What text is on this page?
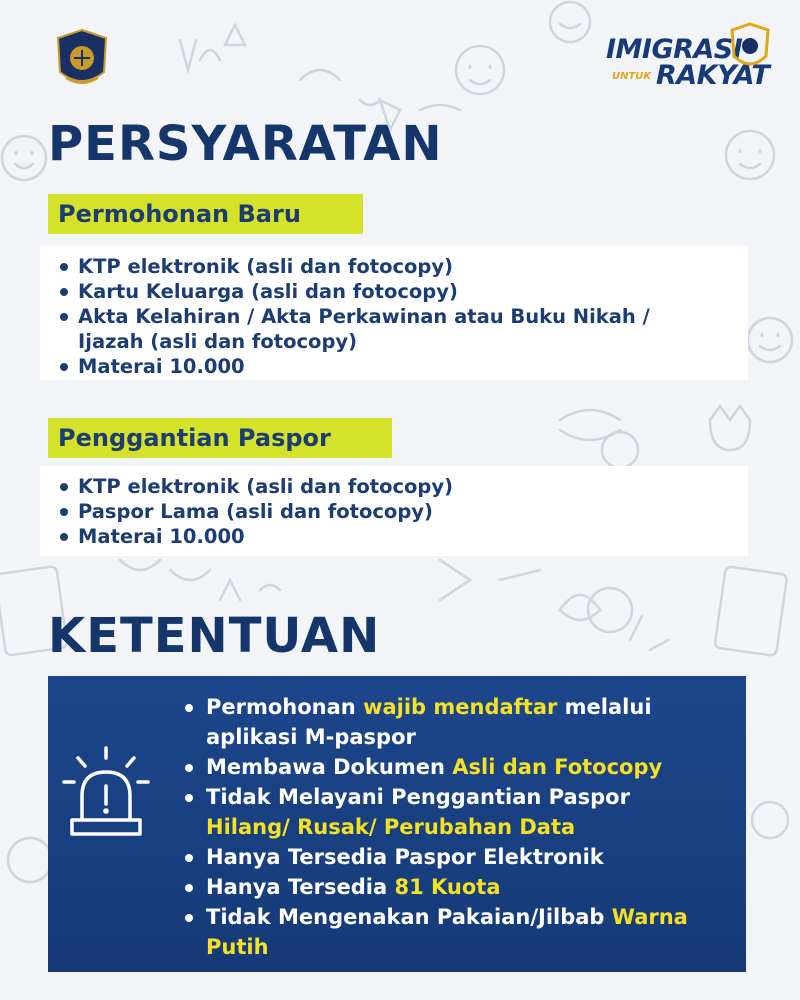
IMIGRASI
UNTUK RAKYAT
PERSYARATAN
Permohonan Baru
KTP elektronik (asli dan fotocopy)
Kartu Keluarga (asli dan fotocopy)
Akta Kelahiran / Akta Perkawinan atau Buku Nikah /
Ijazah (asli dan fotocopy)
Materai 10.000
Penggantian Paspor
KTP elektronik (asli dan fotocopy)
Paspor Lama (asli dan fotocopy)
Materai 10.000
KETENTUAN
Permohonan wajib mendaftar melalui
aplikasi M-paspor
Membawa Dokumen Asli dan Fotocopy
Tidak Melayani Penggantian Paspor
Hilang/ Rusak/ Perubahan Data
Hanya Tersedia Paspor Elektronik
Hanya Tersedia 81 Kuota
Tidak Mengenakan Pakaian/Jilbab Warna
Putih
